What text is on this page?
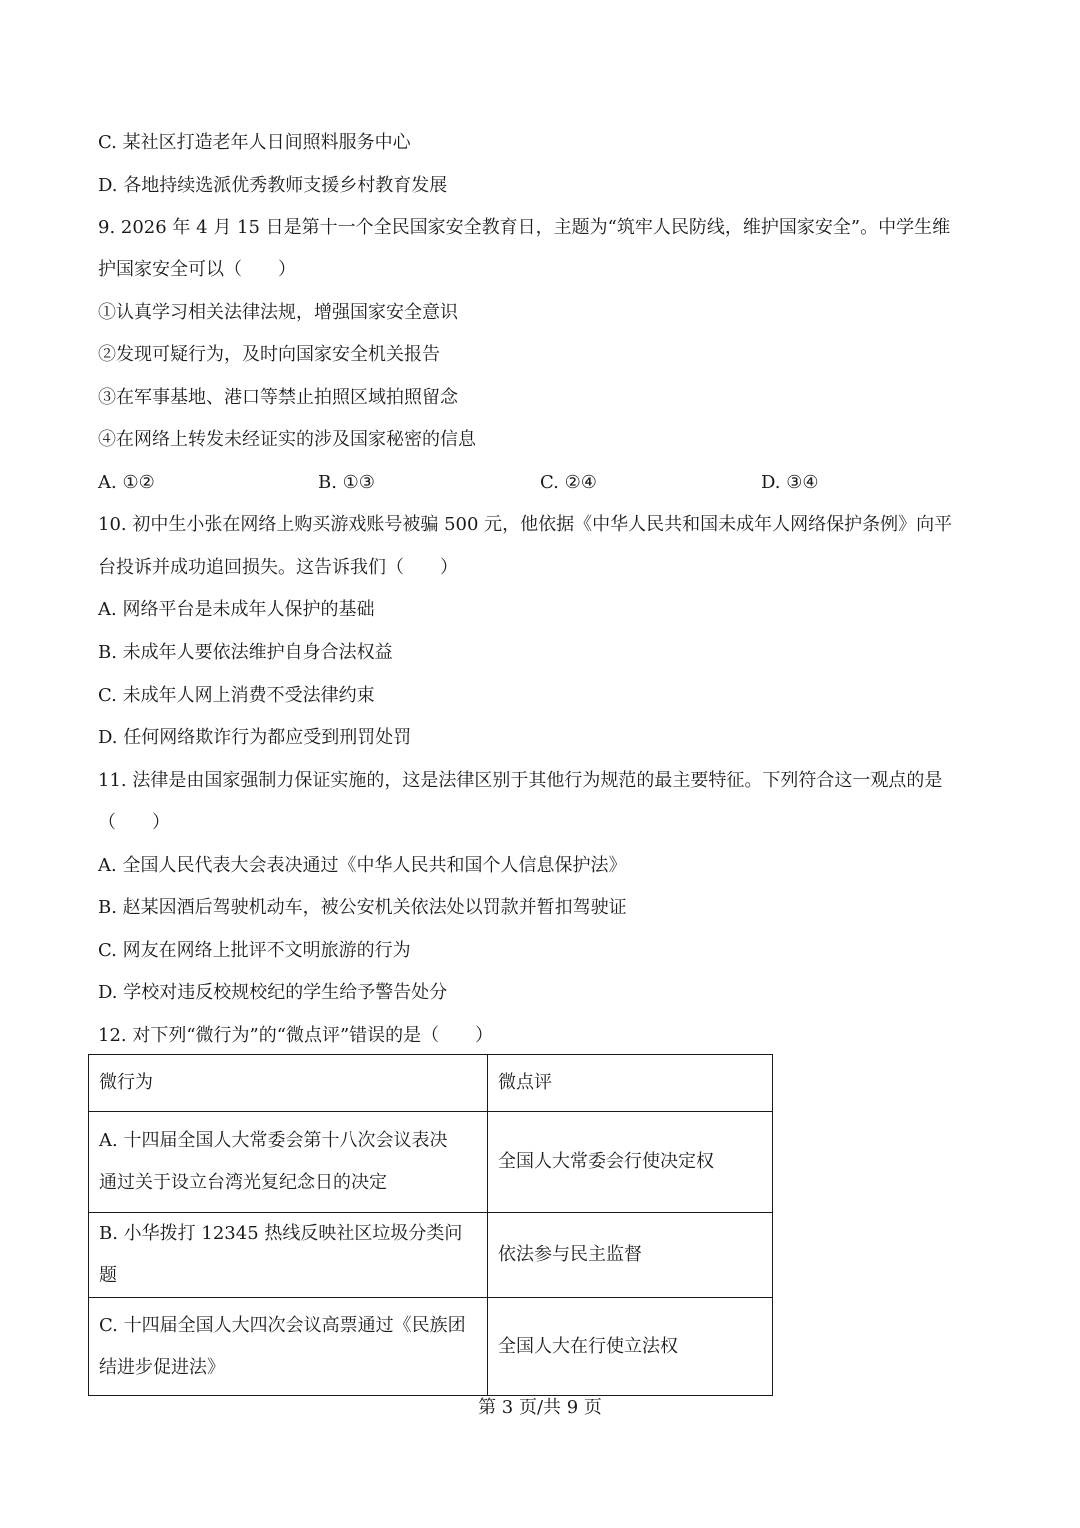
C. 某社区打造老年人日间照料服务中心
D. 各地持续选派优秀教师支援乡村教育发展
9. 2026 年 4 月 15 日是第十一个全民国家安全教育日，主题为“筑牢人民防线，维护国家安全”。中学生维
护国家安全可以（　　）
①认真学习相关法律法规，增强国家安全意识
②发现可疑行为，及时向国家安全机关报告
③在军事基地、港口等禁止拍照区域拍照留念
④在网络上转发未经证实的涉及国家秘密的信息
A. ①②	B. ①③	C. ②④	D. ③④
10. 初中生小张在网络上购买游戏账号被骗 500 元，他依据《中华人民共和国未成年人网络保护条例》向平
台投诉并成功追回损失。这告诉我们（　　）
A. 网络平台是未成年人保护的基础
B. 未成年人要依法维护自身合法权益
C. 未成年人网上消费不受法律约束
D. 任何网络欺诈行为都应受到刑罚处罚
11. 法律是由国家强制力保证实施的，这是法律区别于其他行为规范的最主要特征。下列符合这一观点的是
（　　）
A. 全国人民代表大会表决通过《中华人民共和国个人信息保护法》
B. 赵某因酒后驾驶机动车，被公安机关依法处以罚款并暂扣驾驶证
C. 网友在网络上批评不文明旅游的行为
D. 学校对违反校规校纪的学生给予警告处分
12. 对下列“微行为”的“微点评”错误的是（　　）
微行为	微点评

A. 十四届全国人大常委会第十八次会议表决
通过关于设立台湾光复纪念日的决定	全国人大常委会行使决定权

B. 小华拨打 12345 热线反映社区垃圾分类问题	依法参与民主监督

C. 十四届全国人大四次会议高票通过《民族团
结进步促进法》	全国人大在行使立法权
第 3 页/共 9 页
